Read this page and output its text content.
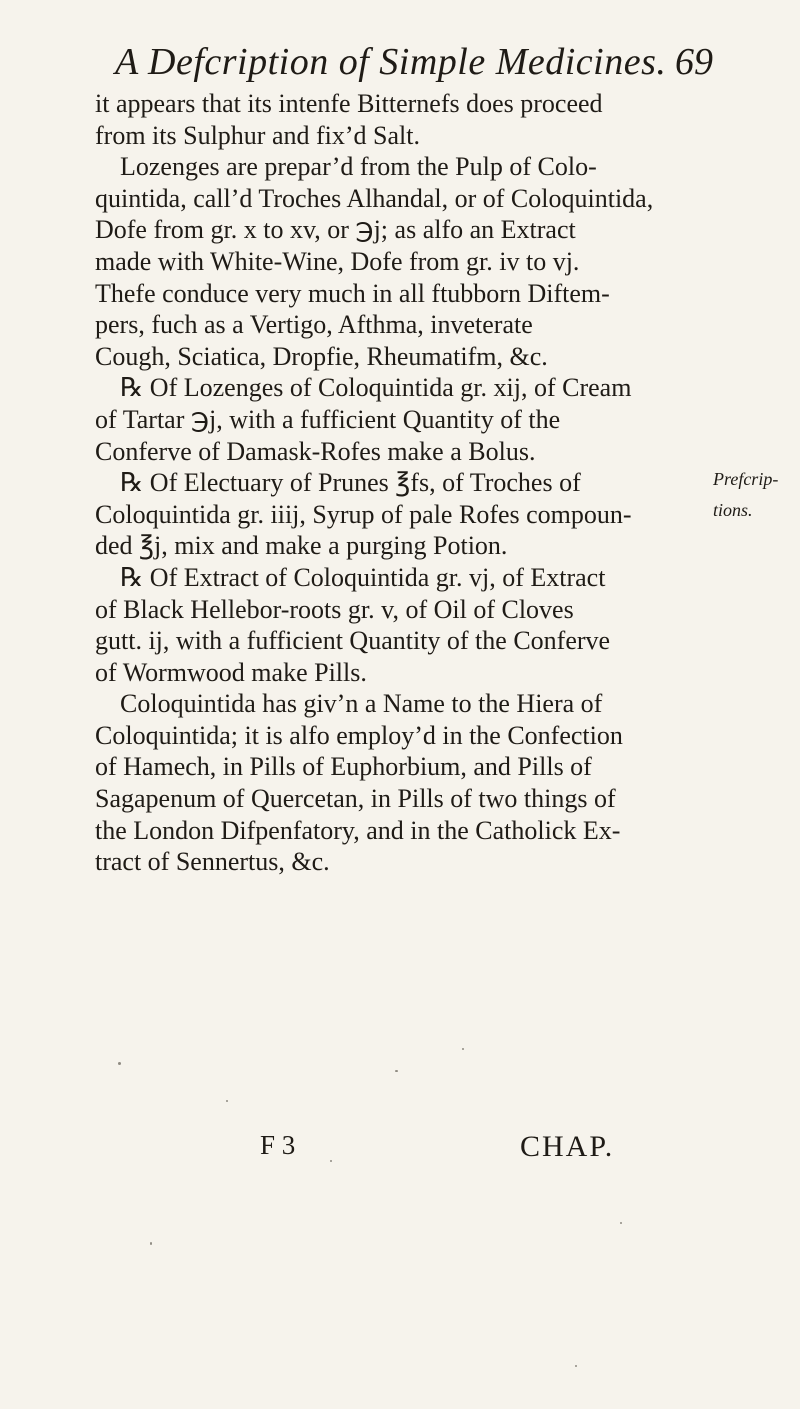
A Defcription of Simple Medicines. 69
it appears that its intenfe Bitternefs does proceed
from its Sulphur and fix’d Salt.
Lozenges are prepar’d from the Pulp of Colo-
quintida, call’d Troches Alhandal, or of Coloquintida,
Dofe from gr. x to xv, or ℈j; as alfo an Extract
made with White-Wine, Dofe from gr. iv to vj.
Thefe conduce very much in all ftubborn Diftem-
pers, fuch as a Vertigo, Afthma, inveterate
Cough, Sciatica, Dropfie, Rheumatifm, &c.
℞ Of Lozenges of Coloquintida gr. xij, of Cream
of Tartar ℈j, with a fufficient Quantity of the
Conferve of Damask-Rofes make a Bolus.
℞ Of Electuary of Prunes ℥fs, of Troches of
Coloquintida gr. iiij, Syrup of pale Rofes compoun-
ded ℥j, mix and make a purging Potion.
℞ Of Extract of Coloquintida gr. vj, of Extract
of Black Hellebor-roots gr. v, of Oil of Cloves
gutt. ij, with a fufficient Quantity of the Conferve
of Wormwood make Pills.
Coloquintida has giv’n a Name to the Hiera of
Coloquintida; it is alfo employ’d in the Confection
of Hamech, in Pills of Euphorbium, and Pills of
Sagapenum of Quercetan, in Pills of two things of
the London Difpenfatory, and in the Catholick Ex-
tract of Sennertus, &c.
Prefcrip-
tions.
F 3	CHAP.
